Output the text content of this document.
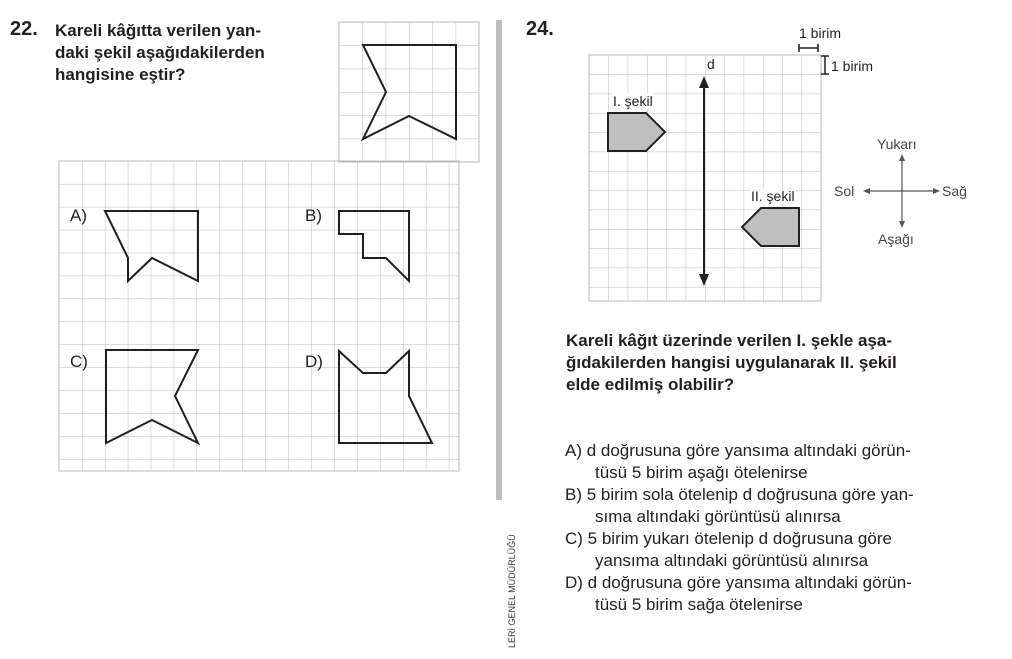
22. Kareli kâğıtta verilen yan-
daki şekil aşağıdakilerden
hangisine eştir?
A)	B)
C)	D)
LERİ GENEL MÜDÜRLÜĞÜ
24.	1 birim
1 birim
d
I. şekil
II. şekil
Yukarı
Sol	Sağ
Aşağı
Kareli kâğıt üzerinde verilen I. şekle aşa-
ğıdakilerden hangisi uygulanarak II. şekil
elde edilmiş olabilir?
A) d doğrusuna göre yansıma altındaki görün-
tüsü 5 birim aşağı ötelenirse
B) 5 birim sola ötelenip d doğrusuna göre yan-
sıma altındaki görüntüsü alınırsa
C) 5 birim yukarı ötelenip d doğrusuna göre
yansıma altındaki görüntüsü alınırsa
D) d doğrusuna göre yansıma altındaki görün-
tüsü 5 birim sağa ötelenirse
